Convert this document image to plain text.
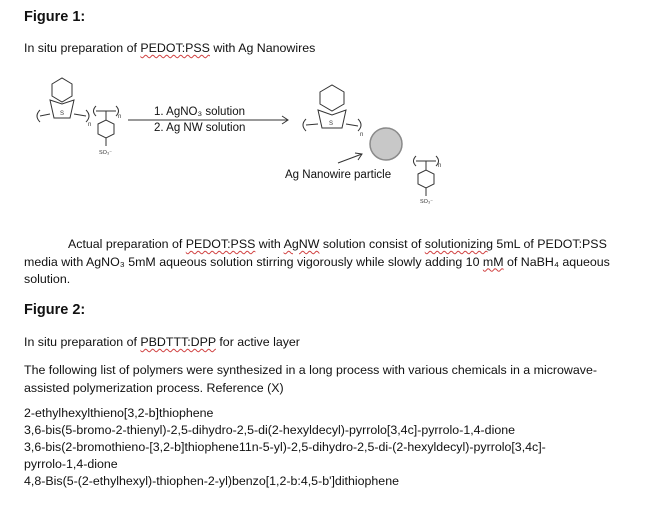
Figure 1:
In situ preparation of PEDOT:PSS with Ag Nanowires
S
n
n
SO₃⁻
S
n
n
SO₃⁻
1. AgNO₃ solution
2. Ag NW solution
Ag Nanowire particle
Actual preparation of PEDOT:PSS with AgNW solution consist of solutionizing 5mL of PEDOT:PSS media with AgNO₃ 5mM aqueous solution stirring vigorously while slowly adding 10 mM of NaBH₄ aqueous solution.
Figure 2:
In situ preparation of PBDTTT:DPP for active layer
The following list of polymers were synthesized in a long process with various chemicals in a microwave-assisted polymerization process. Reference (X)
2-ethylhexylthieno[3,2-b]thiophene
3,6-bis(5-bromo-2-thienyl)-2,5-dihydro-2,5-di(2-hexyldecyl)-pyrrolo[3,4c]-pyrrolo-1,4-dione
3,6-bis(2-bromothieno-[3,2-b]thiophene11n-5-yl)-2,5-dihydro-2,5-di-(2-hexyldecyl)-pyrrolo[3,4c]-
pyrrolo-1,4-dione
4,8-Bis(5-(2-ethylhexyl)-thiophen-2-yl)benzo[1,2-b:4,5-b']dithiophene
